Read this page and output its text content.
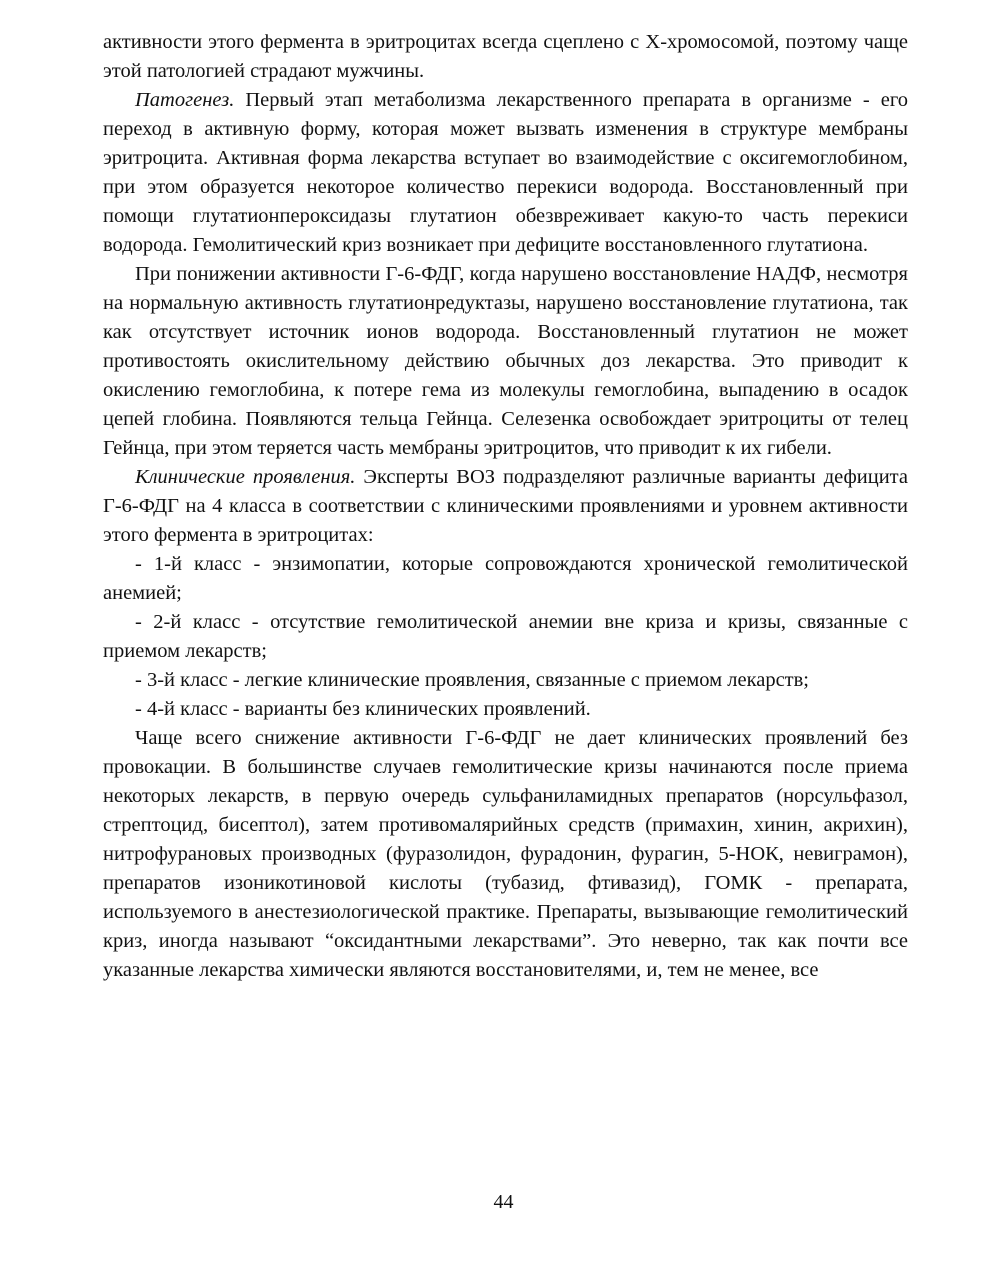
активности этого фермента в эритроцитах всегда сцеплено с Х-хромосомой, поэтому чаще этой патологией страдают мужчины.

Патогенез. Первый этап метаболизма лекарственного препарата в организме - его переход в активную форму, которая может вызвать изменения в структуре мембраны эритроцита. Активная форма лекарства вступает во взаимодействие с оксигемоглобином, при этом образуется некоторое количество перекиси водорода. Восстановленный при помощи глутатионпероксидазы глутатион обезвреживает какую-то часть перекиси водорода. Гемолитический криз возникает при дефиците восстановленного глутатиона.

При понижении активности Г-6-ФДГ, когда нарушено восстановление НАДФ, несмотря на нормальную активность глутатионредуктазы, нарушено восстановление глутатиона, так как отсутствует источник ионов водорода. Восстановленный глутатион не может противостоять окислительному действию обычных доз лекарства. Это приводит к окислению гемоглобина, к потере гема из молекулы гемоглобина, выпадению в осадок цепей глобина. Появляются тельца Гейнца. Селезенка освобождает эритроциты от телец Гейнца, при этом теряется часть мембраны эритроцитов, что приводит к их гибели.

Клинические проявления. Эксперты ВОЗ подразделяют различные варианты дефицита Г-6-ФДГ на 4 класса в соответствии с клиническими проявлениями и уровнем активности этого фермента в эритроцитах:

- 1-й класс - энзимопатии, которые сопровождаются хронической гемолитической анемией;

- 2-й класс - отсутствие гемолитической анемии вне криза и кризы, связанные с приемом лекарств;

- 3-й класс - легкие клинические проявления, связанные с приемом лекарств;

- 4-й класс - варианты без клинических проявлений.

Чаще всего снижение активности Г-6-ФДГ не дает клинических проявлений без провокации. В большинстве случаев гемолитические кризы начинаются после приема некоторых лекарств, в первую очередь сульфаниламидных препаратов (норсульфазол, стрептоцид, бисептол), затем противомалярийных средств (примахин, хинин, акрихин), нитрофурановых производных (фуразолидон, фурадонин, фурагин, 5-НОК, невиграмон), препаратов изоникотиновой кислоты (тубазид, фтивазид), ГОМК - препарата, используемого в анестезиологической практике. Препараты, вызывающие гемолитический криз, иногда называют “оксидантными лекарствами”. Это неверно, так как почти все указанные лекарства химически являются восстановителями, и, тем не менее, все

44
